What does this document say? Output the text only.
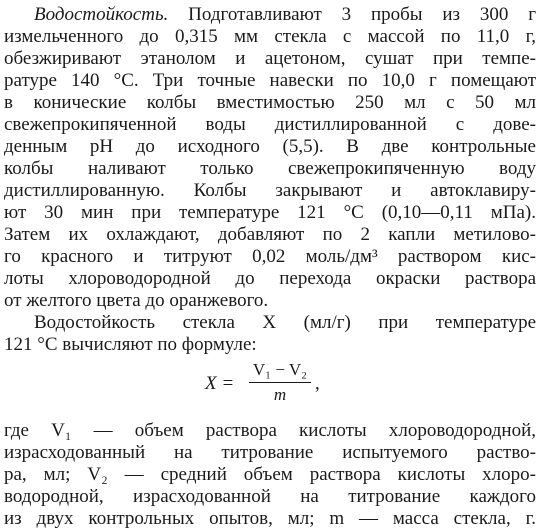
Водостойкость. Подготавливают 3 пробы из 300 г
измельченного до 0,315 мм стекла с массой по 11,0 г,
обезжиривают этанолом и ацетоном, сушат при темпе-
ратуре 140 °С. Три точные навески по 10,0 г помещают
в конические колбы вместимостью 250 мл с 50 мл
свежепрокипяченной воды дистиллированной с дове-
денным рН до исходного (5,5). В две контрольные
колбы наливают только свежепрокипяченную воду
дистиллированную. Колбы закрывают и автоклавиру-
ют 30 мин при температуре 121 °С (0,10—0,11 мПа).
Затем их охлаждают, добавляют по 2 капли метилово-
го красного и титруют 0,02 моль/дм³ раствором кис-
лоты хлороводородной до перехода окраски раствора
от желтого цвета до оранжевого.
Водостойкость стекла X (мл/г) при температуре
121 °С вычисляют по формуле:
X =
V₁ − V₂
m
,
где V₁ — объем раствора кислоты хлороводородной,
израсходованный на титрование испытуемого раство-
ра, мл; V₂ — средний объем раствора кислоты хлоро-
водородной, израсходованной на титрование каждого
из двух контрольных опытов, мл; m — масса стекла, г.
